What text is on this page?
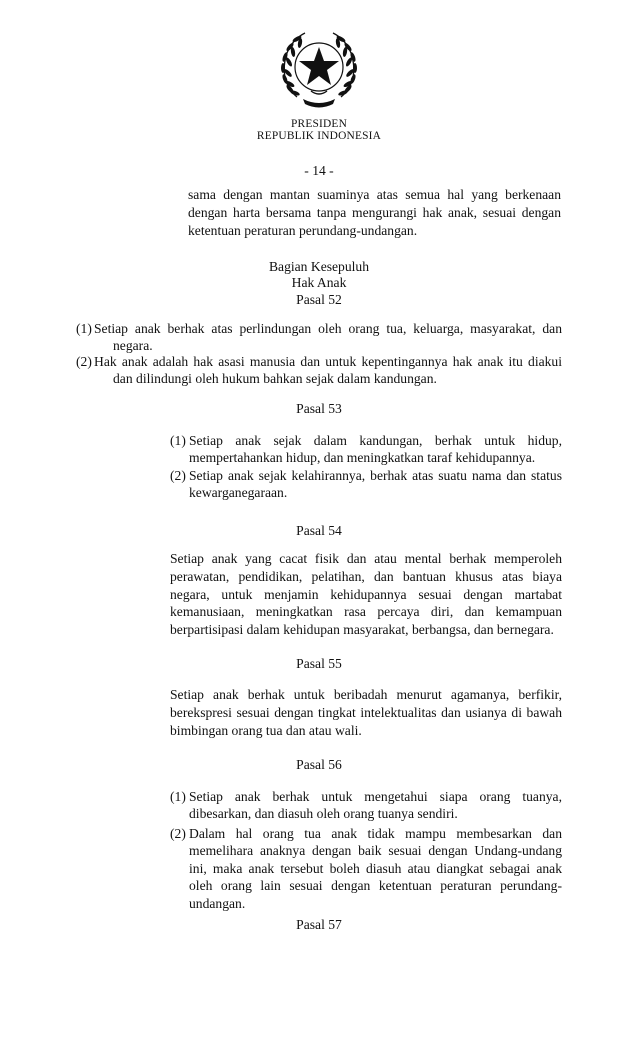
PRESIDEN
REPUBLIK INDONESIA
- 14 -
sama dengan mantan suaminya atas semua hal yang berkenaan dengan harta bersama tanpa mengurangi hak anak, sesuai dengan ketentuan peraturan perundang-undangan.
Bagian Kesepuluh
Hak Anak
Pasal 52
(1) Setiap anak berhak atas perlindungan oleh orang tua, keluarga, masyarakat, dan negara.
(2) Hak anak adalah hak asasi manusia dan untuk kepentingannya hak anak itu diakui dan dilindungi oleh hukum bahkan sejak dalam kandungan.
Pasal 53
(1) Setiap anak sejak dalam kandungan, berhak untuk hidup, mempertahankan hidup, dan meningkatkan taraf kehidupannya.
(2) Setiap anak sejak kelahirannya, berhak atas suatu nama dan status kewarganegaraan.
Pasal 54
Setiap anak yang cacat fisik dan atau mental berhak memperoleh perawatan, pendidikan, pelatihan, dan bantuan khusus atas biaya negara, untuk menjamin kehidupannya sesuai dengan martabat kemanusiaan, meningkatkan rasa percaya diri, dan kemampuan berpartisipasi dalam kehidupan masyarakat, berbangsa, dan bernegara.
Pasal 55
Setiap anak berhak untuk beribadah menurut agamanya, berfikir, berekspresi sesuai dengan tingkat intelektualitas dan usianya di bawah bimbingan orang tua dan atau wali.
Pasal 56
(1) Setiap anak berhak untuk mengetahui siapa orang tuanya, dibesarkan, dan diasuh oleh orang tuanya sendiri.
(2) Dalam hal orang tua anak tidak mampu membesarkan dan memelihara anaknya dengan baik sesuai dengan Undang-undang ini, maka anak tersebut boleh diasuh atau diangkat sebagai anak oleh orang lain sesuai dengan ketentuan peraturan perundang-undangan.
Pasal 57
